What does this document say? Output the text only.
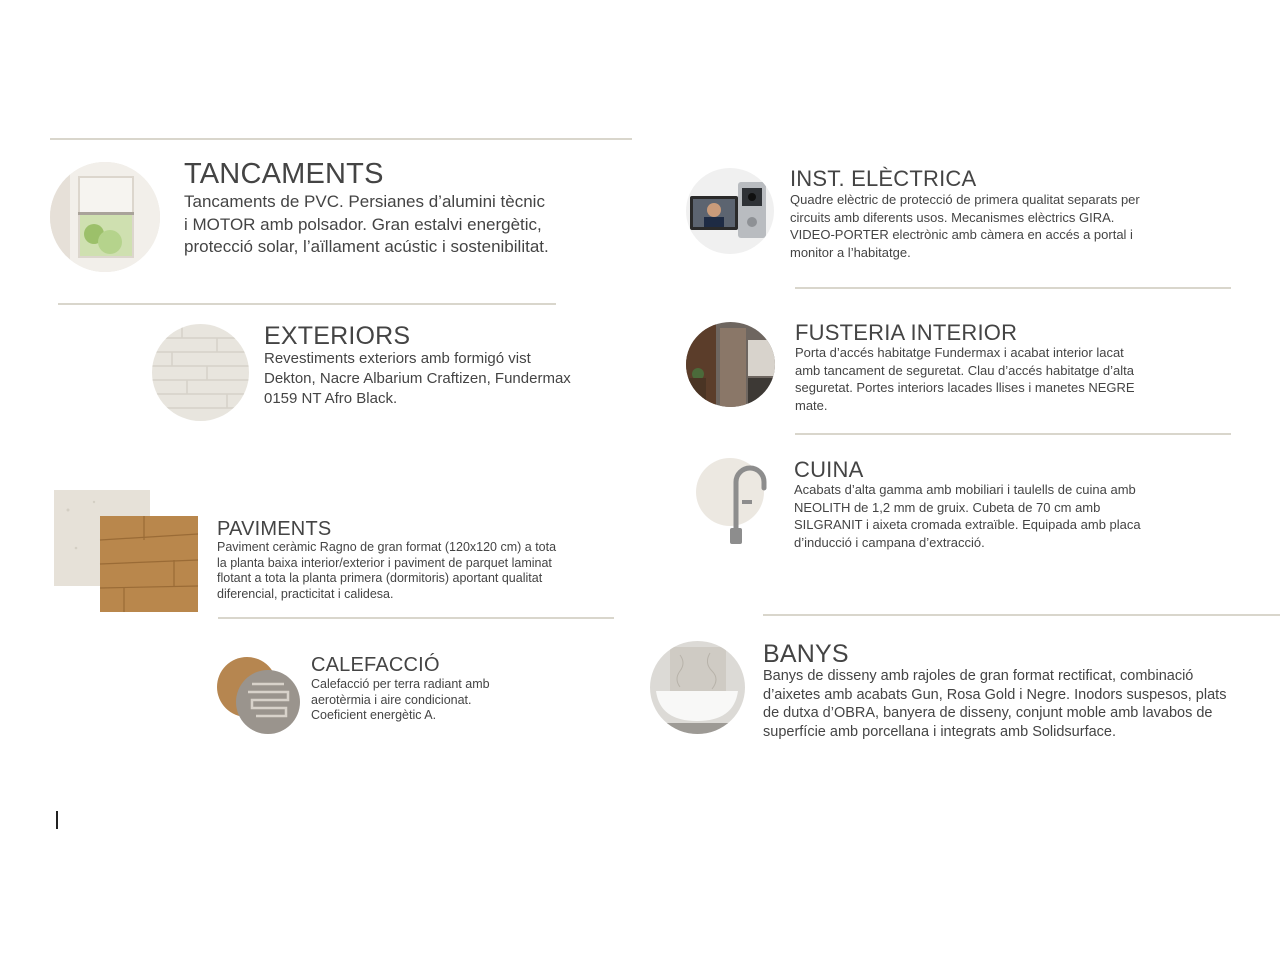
TANCAMENTS

Tancaments de PVC. Persianes d’alumini tècnic i MOTOR amb polsador. Gran estalvi energètic, protecció solar, l’aïllament acústic i sostenibilitat.

EXTERIORS

Revestiments exteriors amb formigó vist Dekton, Nacre Albarium Craftizen, Fundermax 0159 NT Afro Black.

PAVIMENTS

Paviment ceràmic Ragno de gran format (120x120 cm) a tota la planta baixa interior/exterior i paviment de parquet laminat flotant a tota la planta primera (dormitoris) aportant qualitat diferencial, practicitat i calidesa.

CALEFACCIÓ

Calefacció per terra radiant amb aerotèrmia i aire condicionat. Coeficient energètic A.

INST. ELÈCTRICA

Quadre elèctric de protecció de primera qualitat separats per circuits amb diferents usos. Mecanismes elèctrics GIRA. VIDEO-PORTER electrònic amb càmera en accés a portal i monitor a l’habitatge.

FUSTERIA INTERIOR

Porta d’accés habitatge Fundermax i acabat interior lacat amb tancament de seguretat. Clau d’accés habitatge d’alta seguretat. Portes interiors lacades llises i manetes NEGRE mate.

CUINA

Acabats d’alta gamma amb mobiliari i taulells de cuina amb NEOLITH de 1,2 mm de gruix. Cubeta de 70 cm amb SILGRANIT i aixeta cromada extraïble. Equipada amb placa d’inducció i campana d’extracció.

BANYS

Banys de disseny amb rajoles de gran format rectificat, combinació d’aixetes amb acabats Gun, Rosa Gold i Negre. Inodors suspesos, plats de dutxa d’OBRA, banyera de disseny, conjunt moble amb lavabos de superfície amb porcellana i integrats amb Solidsurface.
